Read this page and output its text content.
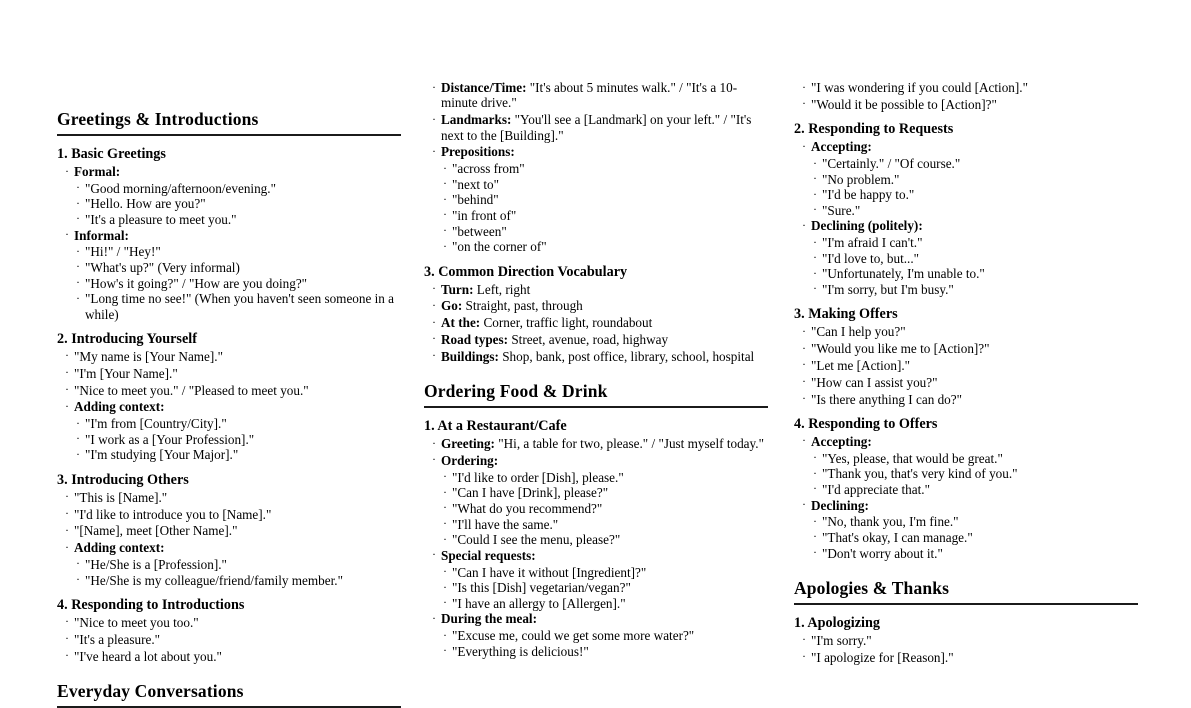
Greetings & Introductions
1. Basic Greetings
· Formal:
· "Good morning/afternoon/evening."
· "Hello. How are you?"
· "It's a pleasure to meet you."
· Informal:
· "Hi!" / "Hey!"
· "What's up?" (Very informal)
· "How's it going?" / "How are you doing?"
· "Long time no see!" (When you haven't seen someone in a while)
2. Introducing Yourself
· "My name is [Your Name]."
· "I'm [Your Name]."
· "Nice to meet you." / "Pleased to meet you."
· Adding context:
· "I'm from [Country/City]."
· "I work as a [Your Profession]."
· "I'm studying [Your Major]."
3. Introducing Others
· "This is [Name]."
· "I'd like to introduce you to [Name]."
· "[Name], meet [Other Name]."
· Adding context:
· "He/She is a [Profession]."
· "He/She is my colleague/friend/family member."
4. Responding to Introductions
· "Nice to meet you too."
· "It's a pleasure."
· "I've heard a lot about you."
Everyday Conversations
· Distance/Time: "It's about 5 minutes walk." / "It's a 10-minute drive."
· Landmarks: "You'll see a [Landmark] on your left." / "It's next to the [Building]."
· Prepositions:
· "across from"
· "next to"
· "behind"
· "in front of"
· "between"
· "on the corner of"
3. Common Direction Vocabulary
· Turn: Left, right
· Go: Straight, past, through
· At the: Corner, traffic light, roundabout
· Road types: Street, avenue, road, highway
· Buildings: Shop, bank, post office, library, school, hospital
Ordering Food & Drink
1. At a Restaurant/Cafe
· Greeting: "Hi, a table for two, please." / "Just myself today."
· Ordering:
· "I'd like to order [Dish], please."
· "Can I have [Drink], please?"
· "What do you recommend?"
· "I'll have the same."
· "Could I see the menu, please?"
· Special requests:
· "Can I have it without [Ingredient]?"
· "Is this [Dish] vegetarian/vegan?"
· "I have an allergy to [Allergen]."
· During the meal:
· "Excuse me, could we get some more water?"
· "Everything is delicious!"
· "I was wondering if you could [Action]."
· "Would it be possible to [Action]?"
2. Responding to Requests
· Accepting:
· "Certainly." / "Of course."
· "No problem."
· "I'd be happy to."
· "Sure."
· Declining (politely):
· "I'm afraid I can't."
· "I'd love to, but..."
· "Unfortunately, I'm unable to."
· "I'm sorry, but I'm busy."
3. Making Offers
· "Can I help you?"
· "Would you like me to [Action]?"
· "Let me [Action]."
· "How can I assist you?"
· "Is there anything I can do?"
4. Responding to Offers
· Accepting:
· "Yes, please, that would be great."
· "Thank you, that's very kind of you."
· "I'd appreciate that."
· Declining:
· "No, thank you, I'm fine."
· "That's okay, I can manage."
· "Don't worry about it."
Apologies & Thanks
1. Apologizing
· "I'm sorry."
· "I apologize for [Reason]."
